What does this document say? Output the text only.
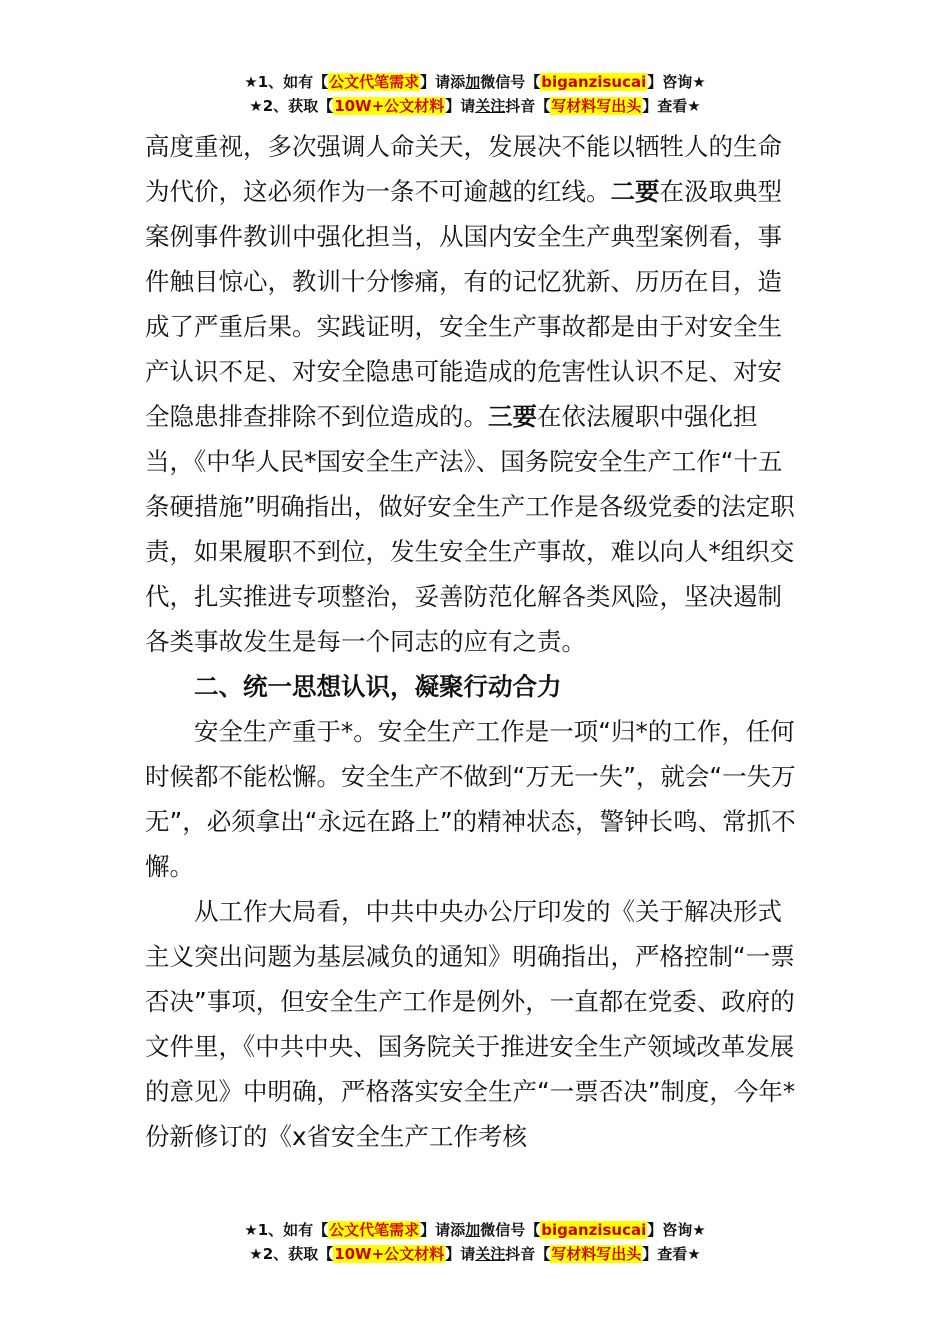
★1、如有【公文代笔需求】请添加微信号【biganzisucai】咨询★
★2、获取【10W+公文材料】请关注抖音【写材料写出头】查看★

高度重视，多次强调人命关天，发展决不能以牺牲人的生命为代价，这必须作为一条不可逾越的红线。二要在汲取典型案例事件教训中强化担当，从国内安全生产典型案例看，事件触目惊心，教训十分惨痛，有的记忆犹新、历历在目，造成了严重后果。实践证明，安全生产事故都是由于对安全生产认识不足、对安全隐患可能造成的危害性认识不足、对安全隐患排查排除不到位造成的。三要在依法履职中强化担当，《中华人民*国安全生产法》、国务院安全生产工作“十五条硬措施”明确指出，做好安全生产工作是各级党委的法定职责，如果履职不到位，发生安全生产事故，难以向人*组织交代，扎实推进专项整治，妥善防范化解各类风险，坚决遏制各类事故发生是每一个同志的应有之责。

二、统一思想认识，凝聚行动合力

安全生产重于*。安全生产工作是一项“归*的工作，任何时候都不能松懈。安全生产不做到“万无一失”，就会“一失万无”，必须拿出“永远在路上”的精神状态，警钟长鸣、常抓不懈。

从工作大局看，中共中央办公厅印发的《关于解决形式主义突出问题为基层减负的通知》明确指出，严格控制“一票否决”事项，但安全生产工作是例外，一直都在党委、政府的文件里，《中共中央、国务院关于推进安全生产领域改革发展的意见》中明确，严格落实安全生产“一票否决”制度，今年*份新修订的《x省安全生产工作考核

★1、如有【公文代笔需求】请添加微信号【biganzisucai】咨询★
★2、获取【10W+公文材料】请关注抖音【写材料写出头】查看★
